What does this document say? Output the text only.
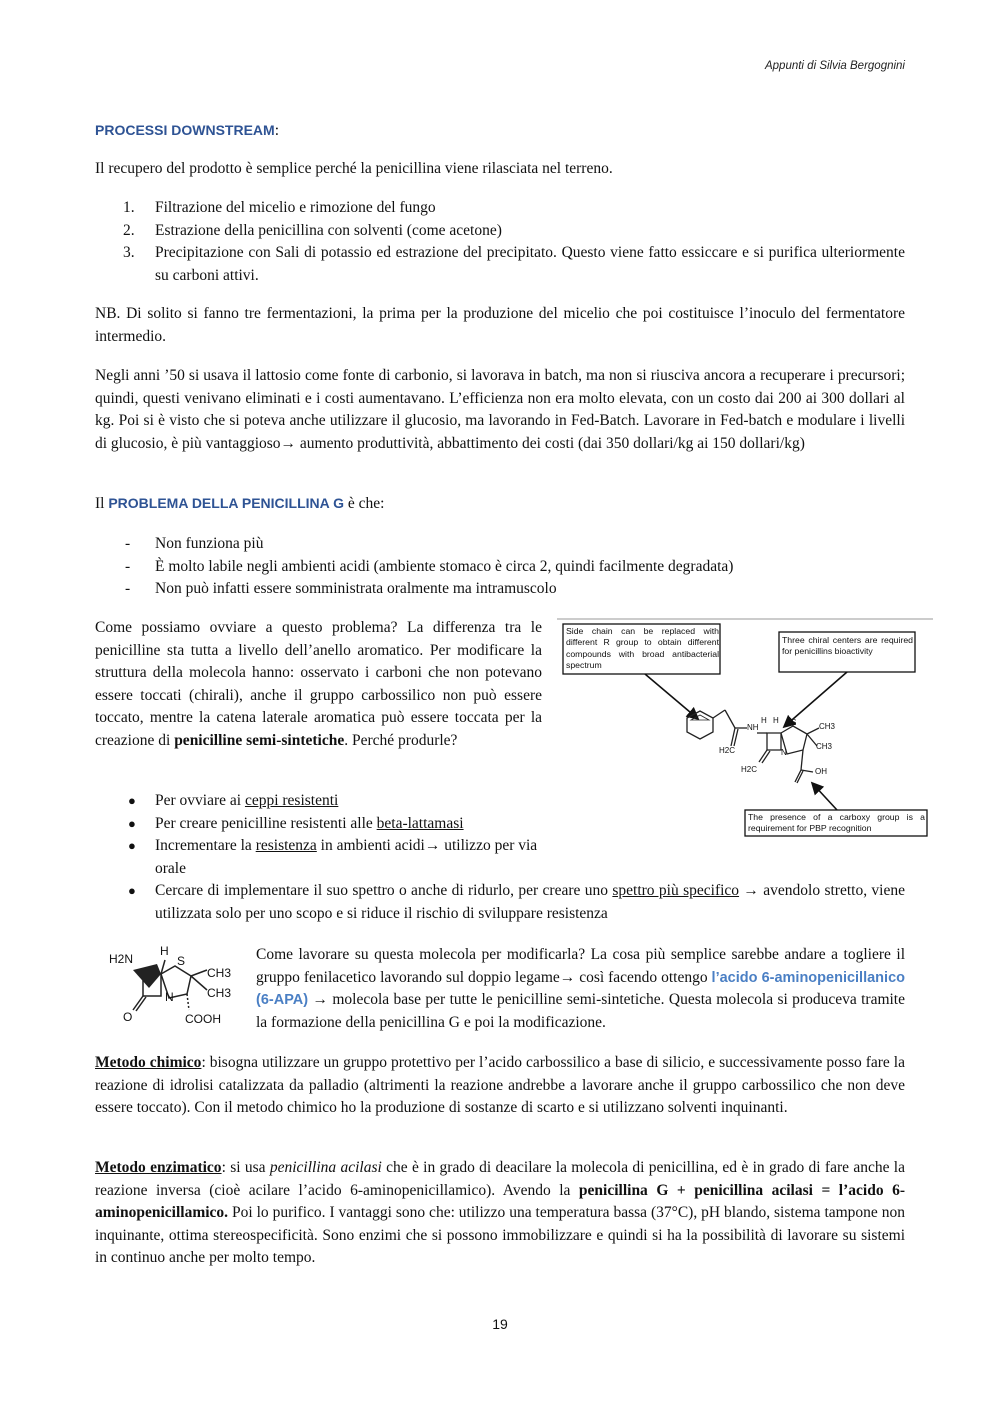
Appunti di Silvia Bergognini
PROCESSI DOWNSTREAM:
Il recupero del prodotto è semplice perché la penicillina viene rilasciata nel terreno.
1. Filtrazione del micelio e rimozione del fungo
2. Estrazione della penicillina con solventi (come acetone)
3. Precipitazione con Sali di potassio ed estrazione del precipitato. Questo viene fatto essiccare e si purifica ulteriormente su carboni attivi.
NB. Di solito si fanno tre fermentazioni, la prima per la produzione del micelio che poi costituisce l’inoculo del fermentatore intermedio.
Negli anni ’50 si usava il lattosio come fonte di carbonio, si lavorava in batch, ma non si riusciva ancora a recuperare i precursori; quindi, questi venivano eliminati e i costi aumentavano. L’efficienza non era molto elevata, con un costo dai 200 ai 300 dollari al kg. Poi si è visto che si poteva anche utilizzare il glucosio, ma lavorando in Fed-Batch. Lavorare in Fed-batch e modulare i livelli di glucosio, è più vantaggioso→ aumento produttività, abbattimento dei costi (dai 350 dollari/kg ai 150 dollari/kg)
Il PROBLEMA DELLA PENICILLINA G è che:
- Non funziona più
- È molto labile negli ambienti acidi (ambiente stomaco è circa 2, quindi facilmente degradata)
- Non può infatti essere somministrata oralmente ma intramuscolo
Come possiamo ovviare a questo problema? La differenza tra le penicilline sta tutta a livello dell’anello aromatico. Per modificare la struttura della molecola hanno: osservato i carboni che non potevano essere toccati (chirali), anche il gruppo carbossilico non può essere toccato, mentre la catena laterale aromatica può essere toccata per la creazione di penicilline semi-sintetiche. Perché produrle?
Side chain can be replaced with different R group to obtain different compounds with broad antibacterial spectrum
Three chiral centers are required for penicillins bioactivity
The presence of a carboxy group is a requirement for PBP recognition
NH
H H S	CH3
CH3
N
H2C
H2C	OH
● Per ovviare ai ceppi resistenti
● Per creare penicilline resistenti alle beta-lattamasi
● Incrementare la resistenza in ambienti acidi→ utilizzo per via orale
● Cercare di implementare il suo spettro o anche di ridurlo, per creare uno spettro più specifico → avendolo stretto, viene utilizzata solo per uno scopo e si riduce il rischio di sviluppare resistenza
H2N
H
S
CH3
CH3
N
O	COOH
Come lavorare su questa molecola per modificarla? La cosa più semplice sarebbe andare a togliere il gruppo fenilacetico lavorando sul doppio legame→ così facendo ottengo l’acido 6-aminopenicillanico (6-APA) → molecola base per tutte le penicilline semi-sintetiche. Questa molecola si produceva tramite la formazione della penicillina G e poi la modificazione.
Metodo chimico: bisogna utilizzare un gruppo protettivo per l’acido carbossilico a base di silicio, e successivamente posso fare la reazione di idrolisi catalizzata da palladio (altrimenti la reazione andrebbe a lavorare anche il gruppo carbossilico che non deve essere toccato). Con il metodo chimico ho la produzione di sostanze di scarto e si utilizzano solventi inquinanti.
Metodo enzimatico: si usa penicillina acilasi che è in grado di deacilare la molecola di penicillina, ed è in grado di fare anche la reazione inversa (cioè acilare l’acido 6-aminopenicillamico). Avendo la penicillina G + penicillina acilasi = l’acido 6-aminopenicillamico. Poi lo purifico. I vantaggi sono che: utilizzo una temperatura bassa (37°C), pH blando, sistema tampone non inquinante, ottima stereospecificità. Sono enzimi che si possono immobilizzare e quindi si ha la possibilità di lavorare su sistemi in continuo anche per molto tempo.
19
